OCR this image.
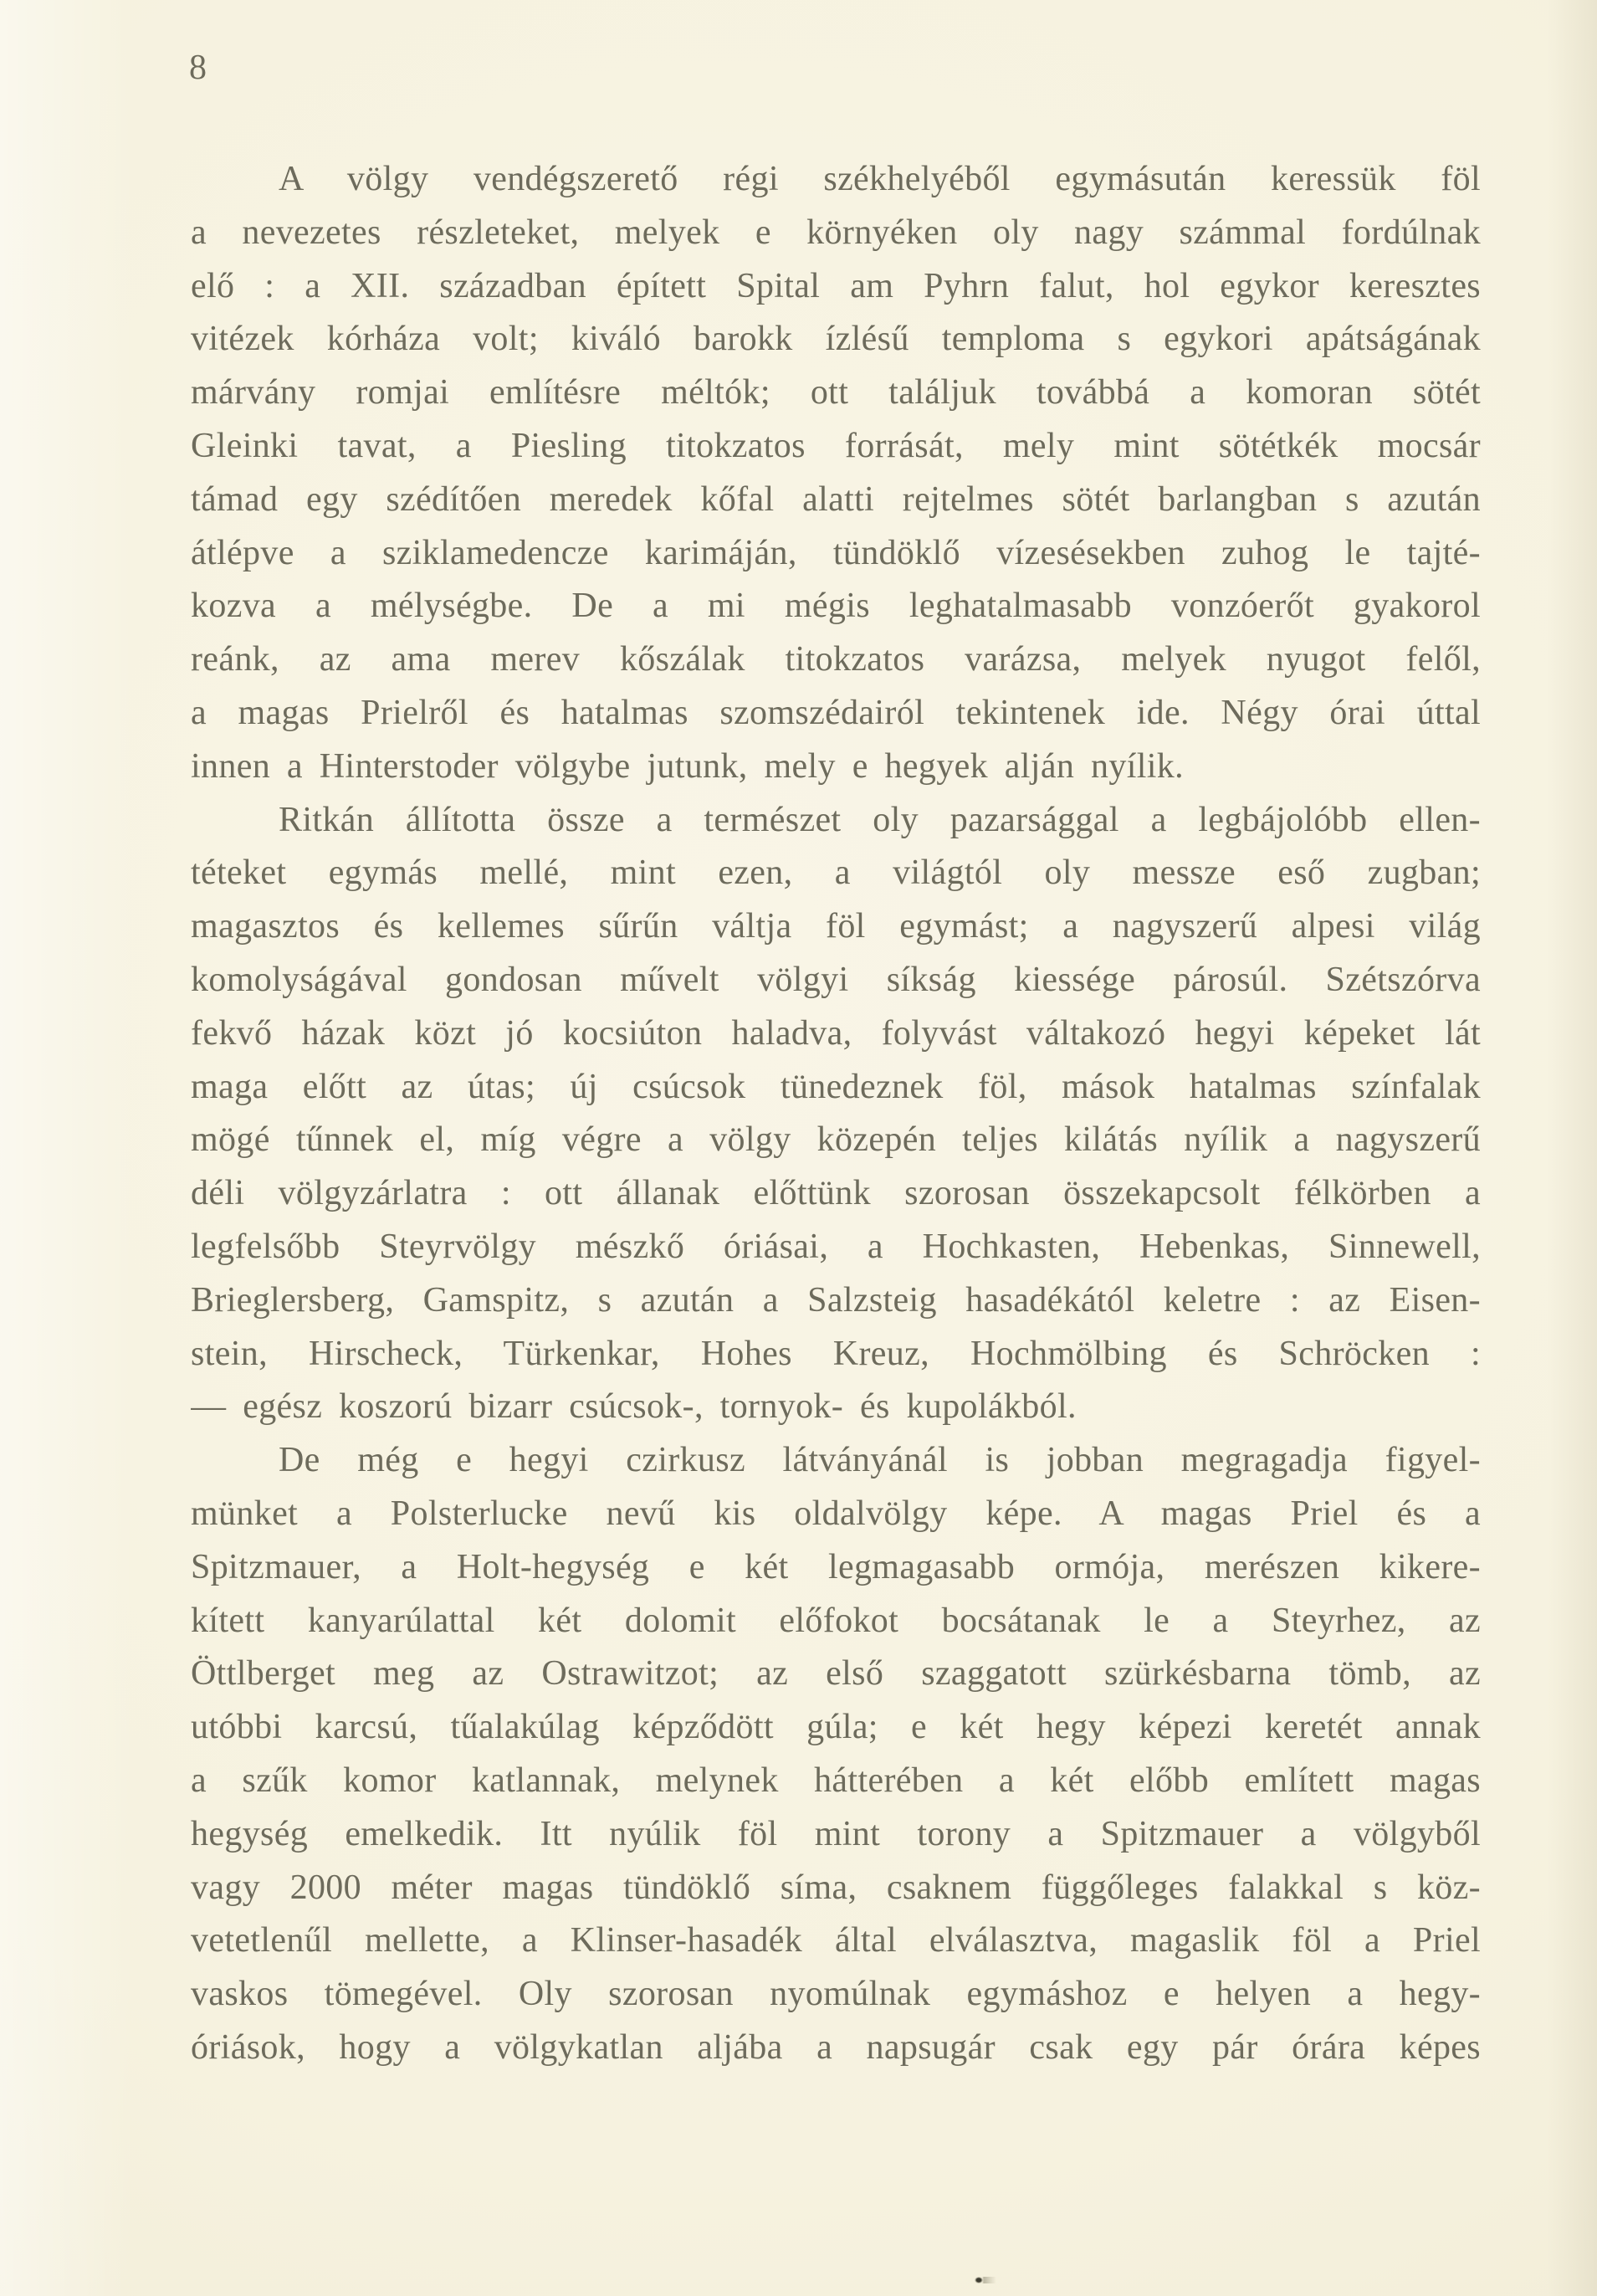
8
A völgy vendégszerető régi székhelyéből egymásután keressük föl
a nevezetes részleteket, melyek e környéken oly nagy számmal fordúlnak
elő : a XII. században épített Spital am Pyhrn falut, hol egykor keresztes
vitézek kórháza volt; kiváló barokk ízlésű temploma s egykori apátságának
márvány romjai említésre méltók; ott találjuk továbbá a komoran sötét
Gleinki tavat, a Piesling titokzatos forrását, mely mint sötétkék mocsár
támad egy szédítően meredek kőfal alatti rejtelmes sötét barlangban s azután
átlépve a sziklamedencze karimáján, tündöklő vízesésekben zuhog le tajté-
kozva a mélységbe. De a mi mégis leghatalmasabb vonzóerőt gyakorol
reánk, az ama merev kőszálak titokzatos varázsa, melyek nyugot felől,
a magas Prielről és hatalmas szomszédairól tekintenek ide. Négy órai úttal
innen a Hinterstoder völgybe jutunk, mely e hegyek alján nyílik.
Ritkán állította össze a természet oly pazarsággal a legbájolóbb ellen-
téteket egymás mellé, mint ezen, a világtól oly messze eső zugban;
magasztos és kellemes sűrűn váltja föl egymást; a nagyszerű alpesi világ
komolyságával gondosan művelt völgyi síkság kiessége párosúl. Szétszórva
fekvő házak közt jó kocsiúton haladva, folyvást váltakozó hegyi képeket lát
maga előtt az útas; új csúcsok tünedeznek föl, mások hatalmas színfalak
mögé tűnnek el, míg végre a völgy közepén teljes kilátás nyílik a nagyszerű
déli völgyzárlatra : ott állanak előttünk szorosan összekapcsolt félkörben a
legfelsőbb Steyrvölgy mészkő óriásai, a Hochkasten, Hebenkas, Sinnewell,
Brieglersberg, Gamspitz, s azután a Salzsteig hasadékától keletre : az Eisen-
stein, Hirscheck, Türkenkar, Hohes Kreuz, Hochmölbing és Schröcken :
— egész koszorú bizarr csúcsok-, tornyok- és kupolákból.
De még e hegyi czirkusz látványánál is jobban megragadja figyel-
münket a Polsterlucke nevű kis oldalvölgy képe. A magas Priel és a
Spitzmauer, a Holt-hegység e két legmagasabb ormója, merészen kikere-
kített kanyarúlattal két dolomit előfokot bocsátanak le a Steyrhez, az
Öttlberget meg az Ostrawitzot; az első szaggatott szürkésbarna tömb, az
utóbbi karcsú, tűalakúlag képződött gúla; e két hegy képezi keretét annak
a szűk komor katlannak, melynek hátterében a két előbb említett magas
hegység emelkedik. Itt nyúlik föl mint torony a Spitzmauer a völgyből
vagy 2000 méter magas tündöklő síma, csaknem függőleges falakkal s köz-
vetetlenűl mellette, a Klinser-hasadék által elválasztva, magaslik föl a Priel
vaskos tömegével. Oly szorosan nyomúlnak egymáshoz e helyen a hegy-
óriások, hogy a völgykatlan aljába a napsugár csak egy pár órára képes
